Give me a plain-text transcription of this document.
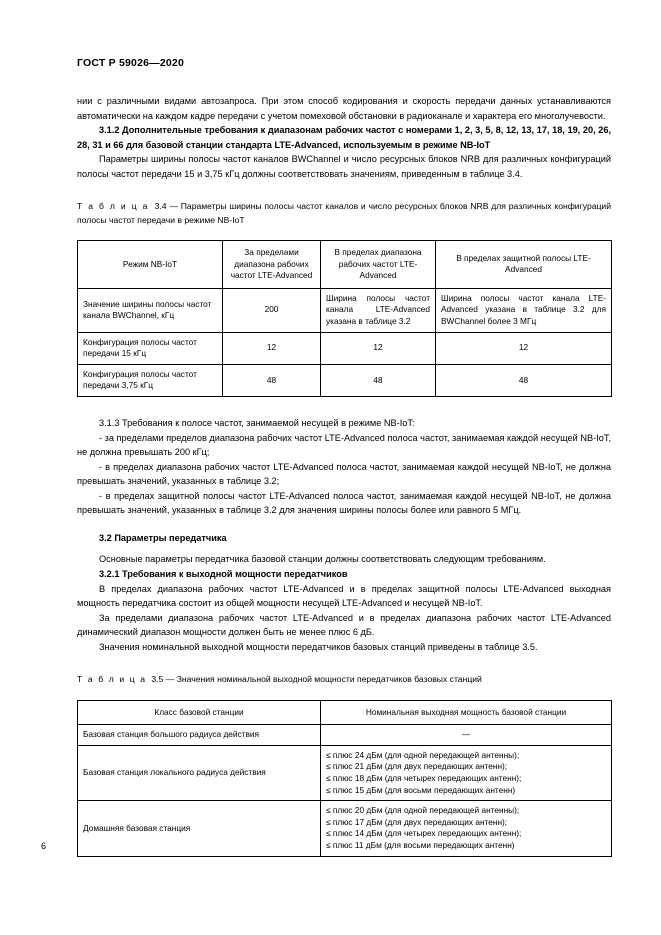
ГОСТ Р 59026—2020

нии с различными видами автозапроса. При этом способ кодирования и скорость передачи данных устанавливаются автоматически на каждом кадре передачи с учетом помеховой обстановки в радиоканале и характера его многолучевости.

3.1.2 Дополнительные требования к диапазонам рабочих частот с номерами 1, 2, 3, 5, 8, 12, 13, 17, 18, 19, 20, 26, 28, 31 и 66 для базовой станции стандарта LTE-Advanced, используемым в режиме NB-IoT

Параметры ширины полосы частот каналов BWChannel и число ресурсных блоков NRB для различных конфигураций полосы частот передачи 15 и 3,75 кГц должны соответствовать значениям, приведенным в таблице 3.4.

Т а б л и ц а 3.4 — Параметры ширины полосы частот каналов и число ресурсных блоков NRB для различных конфигураций полосы частот передачи в режиме NB-IoT

Режим NB-IoT	За пределами диапазона рабочих частот LTE-Advanced	В пределах диапазона рабочих частот LTE-Advanced	В пределах защитной полосы LTE-Advanced
Значение ширины полосы частот канала BWChannel, кГц	200	Ширина полосы частот канала LTE-Advanced указана в таблице 3.2	Ширина полосы частот канала LTE-Advanced указана в таблице 3.2 для BWChannel более 3 МГц
Конфигурация полосы частот передачи 15 кГц	12	12	12
Конфигурация полосы частот передачи 3,75 кГц	48	48	48

3.1.3 Требования к полосе частот, занимаемой несущей в режиме NB-IoT:

- за пределами пределов диапазона рабочих частот LTE-Advanced полоса частот, занимаемая каждой несущей NB-IoT, не должна превышать 200 кГц;

- в пределах диапазона рабочих частот LTE-Advanced полоса частот, занимаемая каждой несущей NB-IoT, не должна превышать значений, указанных в таблице 3.2;

- в пределах защитной полосы частот LTE-Advanced полоса частот, занимаемая каждой несущей NB-IoT, не должна превышать значений, указанных в таблице 3.2 для значения ширины полосы более или равного 5 МГц.

3.2 Параметры передатчика

Основные параметры передатчика базовой станции должны соответствовать следующим требованиям.

3.2.1 Требования к выходной мощности передатчиков

В пределах диапазона рабочих частот LTE-Advanced и в пределах защитной полосы LTE-Advanced выходная мощность передатчика состоит из общей мощности несущей LTE-Advanced и несущей NB-IoT.

За пределами диапазона рабочих частот LTE-Advanced и в пределах диапазона рабочих частот LTE-Advanced динамический диапазон мощности должен быть не менее плюс 6 дБ.

Значения номинальной выходной мощности передатчиков базовых станций приведены в таблице 3.5.

Т а б л и ц а 3.5 — Значения номинальной выходной мощности передатчиков базовых станций

Класс базовой станции	Номинальная выходная мощность базовой станции
Базовая станция большого радиуса действия	—
Базовая станция локального радиуса действия	≤ плюс 24 дБм (для одной передающей антенны);
≤ плюс 21 дБм (для двух передающих антенн);
≤ плюс 18 дБм (для четырех передающих антенн);
≤ плюс 15 дБм (для восьми передающих антенн)

Домашняя базовая станция	≤ плюс 20 дБм (для одной передающей антенны);
≤ плюс 17 дБм (для двух передающих антенн);
≤ плюс 14 дБм (для четырех передающих антенн);
≤ плюс 11 дБм (для восьми передающих антенн)
6
